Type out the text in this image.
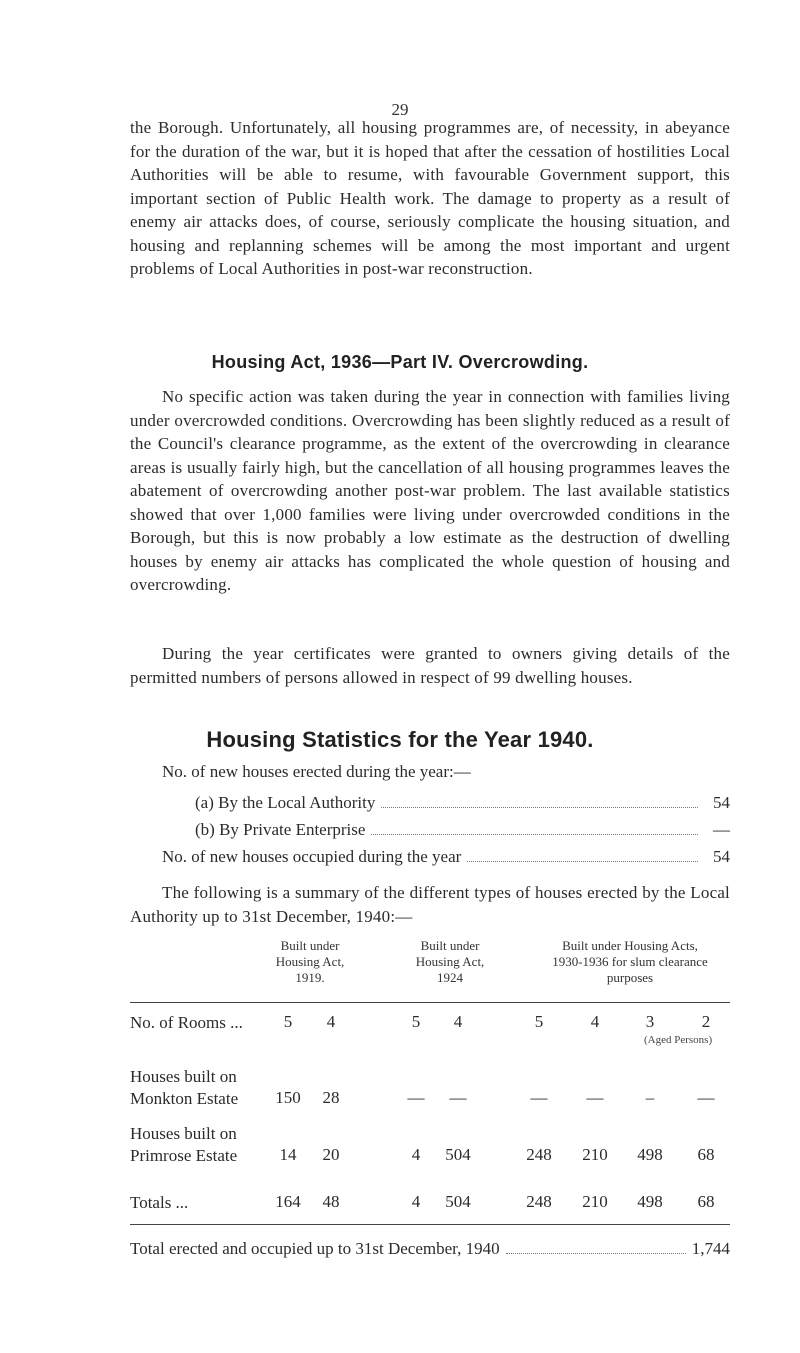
29

the Borough. Unfortunately, all housing programmes are, of necessity, in abeyance for the duration of the war, but it is hoped that after the cessation of hostilities Local Authorities will be able to resume, with favourable Government support, this important section of Public Health work. The damage to property as a result of enemy air attacks does, of course, seriously complicate the housing situation, and housing and replanning schemes will be among the most important and urgent problems of Local Authorities in post-war reconstruction.

Housing Act, 1936—Part IV. Overcrowding.

No specific action was taken during the year in connection with families living under overcrowded conditions. Overcrowding has been slightly reduced as a result of the Council's clearance programme, as the extent of the overcrowding in clearance areas is usually fairly high, but the cancellation of all housing programmes leaves the abatement of overcrowding another post-war problem. The last available statistics showed that over 1,000 families were living under overcrowded conditions in the Borough, but this is now probably a low estimate as the destruction of dwelling houses by enemy air attacks has complicated the whole question of housing and overcrowding.

During the year certificates were granted to owners giving details of the permitted numbers of persons allowed in respect of 99 dwelling houses.

Housing Statistics for the Year 1940.
No. of new houses erected during the year:—
(a) By the Local Authority	54
(b) By Private Enterprise	—
No. of new houses occupied during the year	54

The following is a summary of the different types of houses erected by the Local Authority up to 31st December, 1940:—

Built under
Housing Act,
1919.
Built under
Housing Act,
1924
Built under Housing Acts,
1930-1936 for slum clearance
purposes
No. of Rooms ...	5	4	5	4	5	4	3	2
(Aged Persons)
Houses built on
Monkton Estate	150	28	—	—	—	—	–	—
Houses built on
Primrose Estate	14	20	4	504	248	210	498	68
Totals ...	164	48	4	504	248	210	498	68
Total erected and occupied up to 31st December, 1940	1,744
